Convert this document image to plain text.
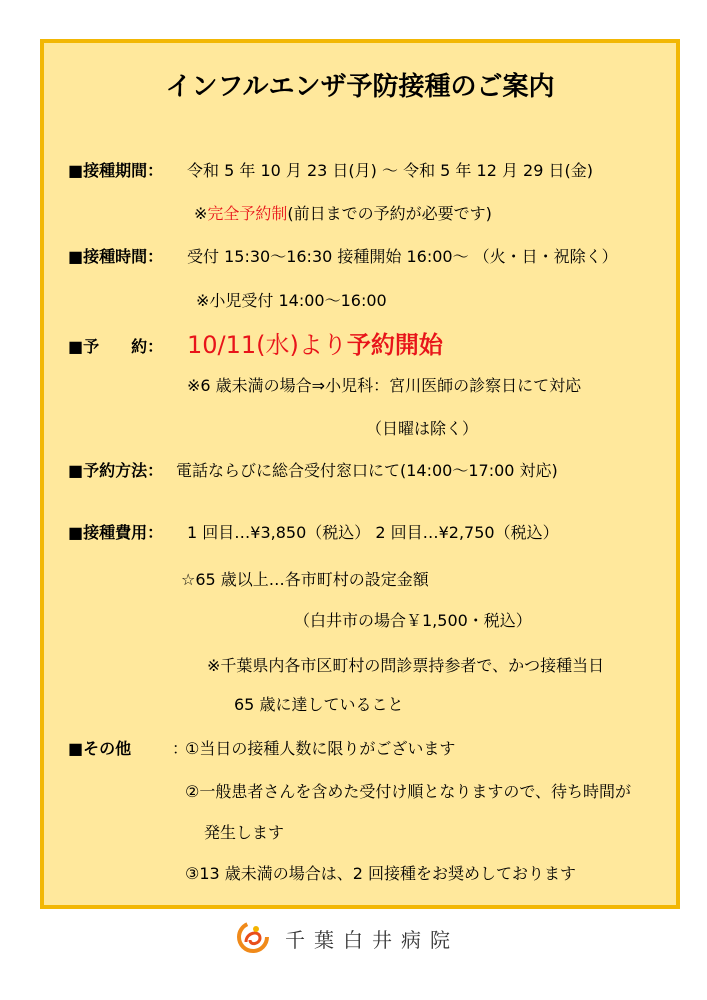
インフルエンザ予防接種のご案内
■接種期間： 令和 5 年 10 月 23 日(月) ～ 令和 5 年 12 月 29 日(金)
※完全予約制(前日までの予約が必要です)
■接種時間： 受付 15:30～16:30 接種開始 16:00～ （火・日・祝除く）
※小児受付 14:00～16:00
■予　　約： 10/11(水)より予約開始
※6 歳未満の場合⇒小児科：宮川医師の診察日にて対応
（日曜は除く）
■予約方法： 電話ならびに総合受付窓口にて(14:00～17:00 対応)
■接種費用： 1 回目…¥3,850（税込） 2 回目…¥2,750（税込）
☆65 歳以上…各市町村の設定金額
（白井市の場合￥1,500・税込）
※千葉県内各市区町村の問診票持参者で、かつ接種当日
65 歳に達していること
■その他	：
①当日の接種人数に限りがございます
②一般患者さんを含めた受付け順となりますので、待ち時間が
発生します
③13 歳未満の場合は、2 回接種をお奨めしております
千葉白井病院
